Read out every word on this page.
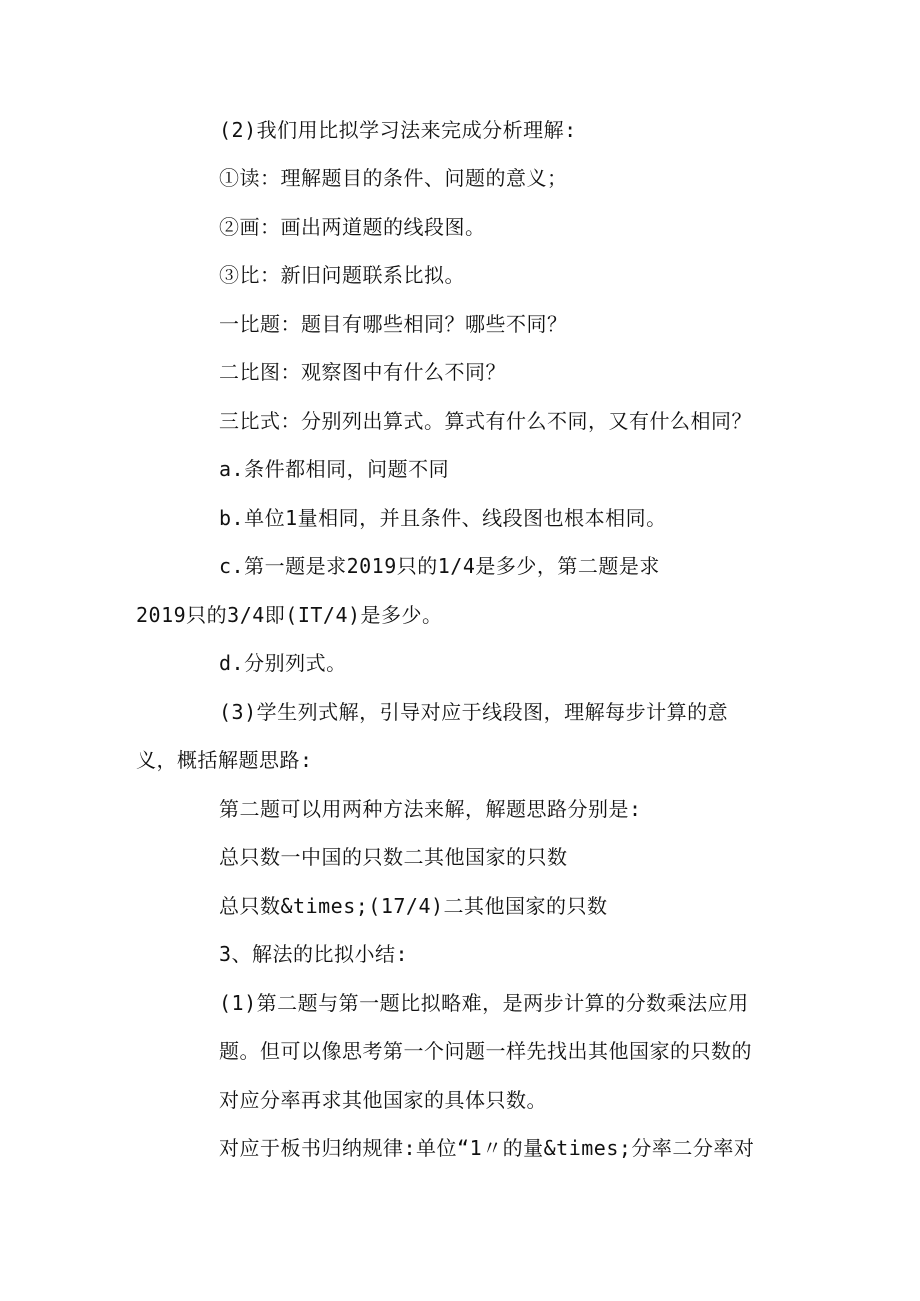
(2)我们用比拟学习法来完成分析理解:
①读：理解题目的条件、问题的意义；
②画：画出两道题的线段图。
③比：新旧问题联系比拟。
一比题：题目有哪些相同？哪些不同？
二比图：观察图中有什么不同？
三比式：分别列出算式。算式有什么不同，又有什么相同？
a.条件都相同，问题不同
b.单位1量相同，并且条件、线段图也根本相同。
c.第一题是求2019只的1/4是多少，第二题是求
2019只的3/4即(IT/4)是多少。
d.分别列式。
(3)学生列式解，引导对应于线段图，理解每步计算的意
义，概括解题思路:
第二题可以用两种方法来解，解题思路分别是:
总只数一中国的只数二其他国家的只数
总只数&times;(17/4)二其他国家的只数
3、解法的比拟小结:
(1)第二题与第一题比拟略难，是两步计算的分数乘法应用
题。但可以像思考第一个问题一样先找出其他国家的只数的
对应分率再求其他国家的具体只数。
对应于板书归纳规律:单位“1〃的量&times;分率二分率对
